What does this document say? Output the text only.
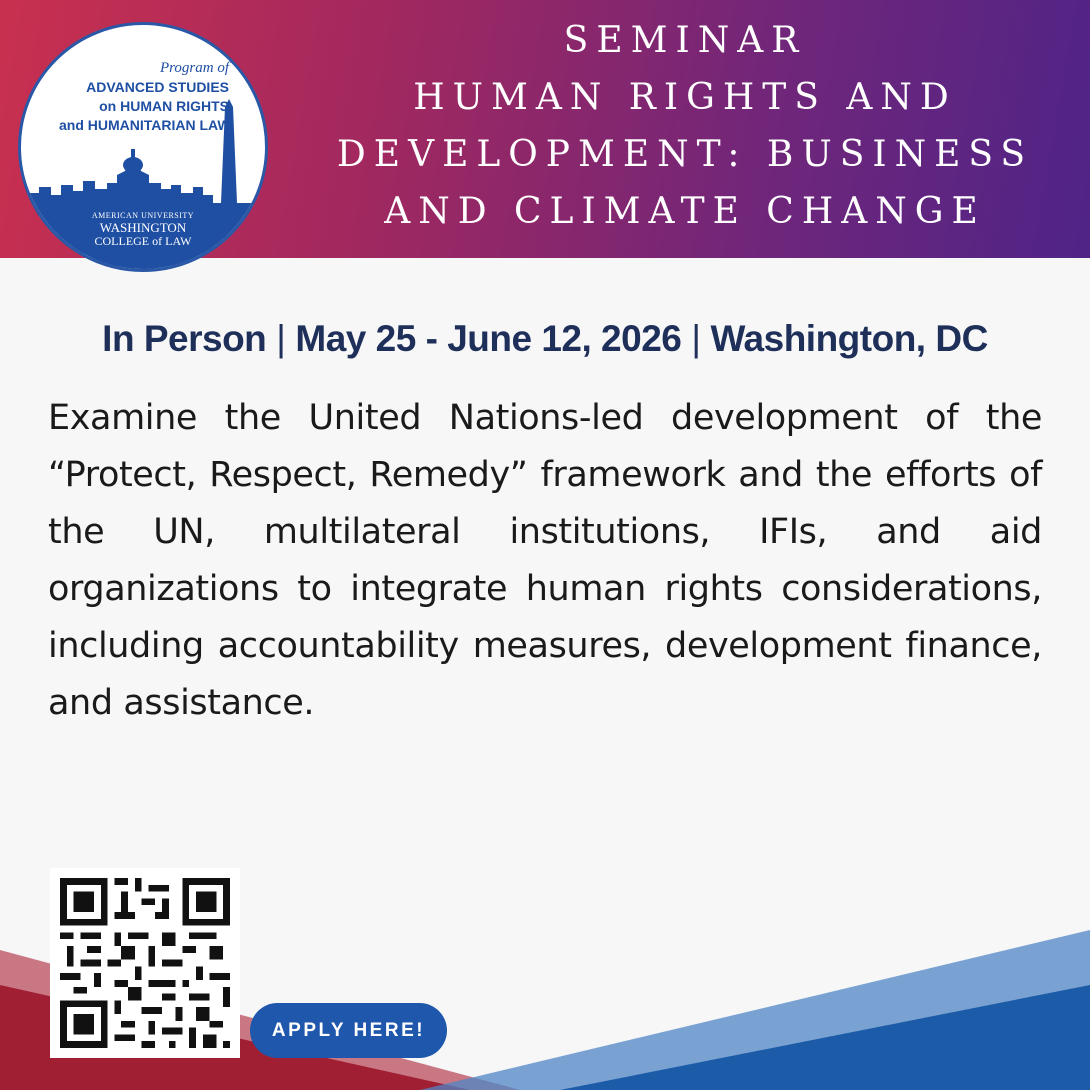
SEMINAR
HUMAN RIGHTS AND
DEVELOPMENT: BUSINESS
AND CLIMATE CHANGE
Program of
ADVANCED STUDIES
on HUMAN RIGHTS
and HUMANITARIAN LAW
AMERICAN UNIVERSITY
WASHINGTON
COLLEGE of LAW
In Person | May 25 - June 12, 2026 | Washington, DC

Examine the United Nations-led development of the “Protect, Respect, Remedy” framework and the efforts of the UN, multilateral institutions, IFIs, and aid organizations to integrate human rights considerations, including accountability measures, development finance, and assistance.

APPLY HERE!
